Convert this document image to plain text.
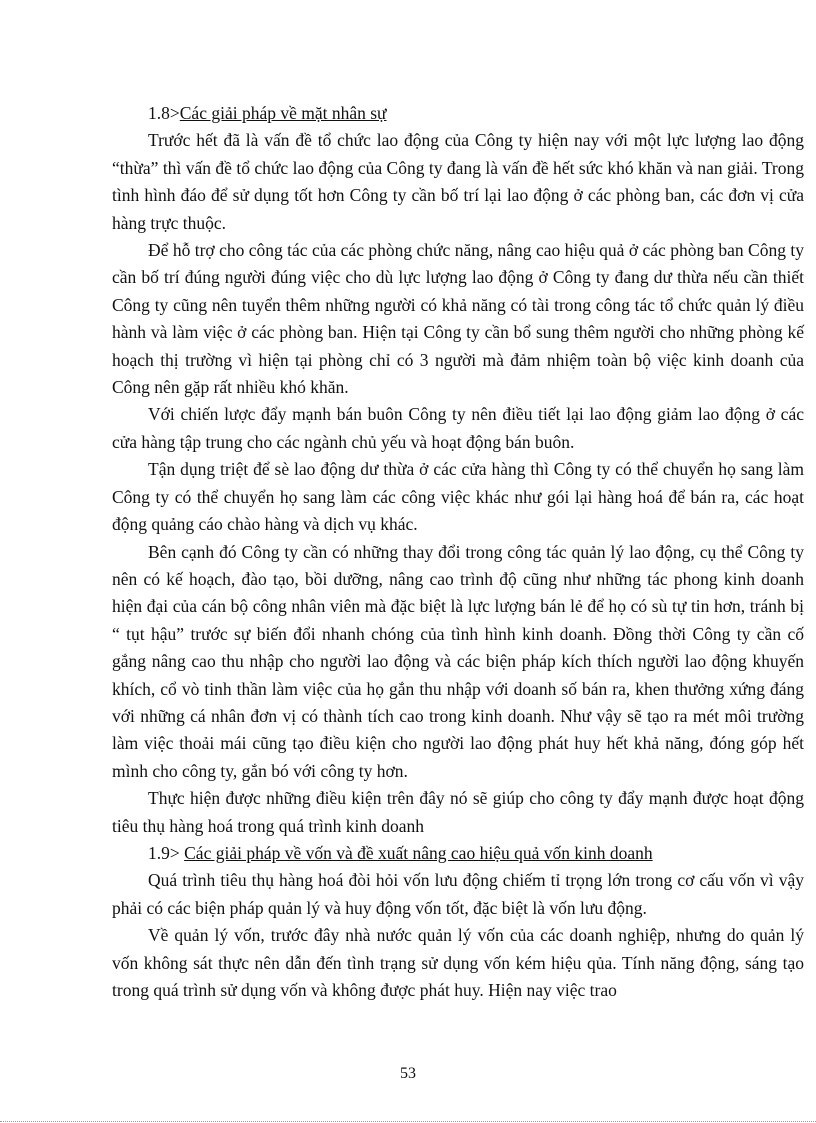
1.8>Các giải pháp về mặt nhân sự

Trước hết đã là vấn đề tổ chức lao động của Công ty hiện nay với một lực lượng lao động “thừa” thì vấn đề tổ chức lao động của Công ty đang là vấn đề hết sức khó khăn và nan giải. Trong tình hình đáo để sử dụng tốt hơn Công ty cần bố trí lại lao động ở các phòng ban, các đơn vị cửa hàng trực thuộc.

Để hỗ trợ cho công tác của các phòng chức năng, nâng cao hiệu quả ở các phòng ban Công ty cần bố trí đúng người đúng việc cho dù lực lượng lao động ở Công ty đang dư thừa nếu cần thiết Công ty cũng nên tuyển thêm những người có khả năng có tài trong công tác tổ chức quản lý điều hành và làm việc ở các phòng ban. Hiện tại Công ty cần bổ sung thêm người cho những phòng kế hoạch thị trường vì hiện tại phòng chỉ có 3 người mà đảm nhiệm toàn bộ việc kinh doanh của Công nên gặp rất nhiều khó khăn.

Với chiến lược đẩy mạnh bán buôn Công ty nên điều tiết lại lao động giảm lao động ở các cửa hàng tập trung cho các ngành chủ yếu và hoạt động bán buôn.

Tận dụng triệt để sè lao động dư thừa ở các cửa hàng thì Công ty có thể chuyển họ sang làm Công ty có thể chuyển họ sang làm các công việc khác như gói lại hàng hoá để bán ra, các hoạt động quảng cáo chào hàng và dịch vụ khác.

Bên cạnh đó Công ty cần có những thay đổi trong công tác quản lý lao động, cụ thể Công ty nên có kế hoạch, đào tạo, bồi dưỡng, nâng cao trình độ cũng như những tác phong kinh doanh hiện đại của cán bộ công nhân viên mà đặc biệt là lực lượng bán lẻ để họ có sù tự tin hơn, tránh bị “ tụt hậu” trước sự biến đổi nhanh chóng của tình hình kinh doanh. Đồng thời Công ty cần cố gắng nâng cao thu nhập cho người lao động và các biện pháp kích thích người lao động khuyến khích, cổ vò tinh thần làm việc của họ gắn thu nhập với doanh số bán ra, khen thưởng xứng đáng với những cá nhân đơn vị có thành tích cao trong kinh doanh. Như vậy sẽ tạo ra mét môi trường làm việc thoải mái cũng tạo điều kiện cho người lao động phát huy hết khả năng, đóng góp hết mình cho công ty, gắn bó với công ty hơn.

Thực hiện được những điều kiện trên đây nó sẽ giúp cho công ty đẩy mạnh được hoạt động tiêu thụ hàng hoá trong quá trình kinh doanh

1.9> Các giải pháp về vốn và đề xuất nâng cao hiệu quả vốn kinh doanh

Quá trình tiêu thụ hàng hoá đòi hỏi vốn lưu động chiếm tỉ trọng lớn trong cơ cấu vốn vì vậy phải có các biện pháp quản lý và huy động vốn tốt, đặc biệt là vốn lưu động.

Về quản lý vốn, trước đây nhà nước quản lý vốn của các doanh nghiệp, nhưng do quản lý vốn không sát thực nên dẫn đến tình trạng sử dụng vốn kém hiệu qủa. Tính năng động, sáng tạo trong quá trình sử dụng vốn và không được phát huy. Hiện nay việc trao

53
